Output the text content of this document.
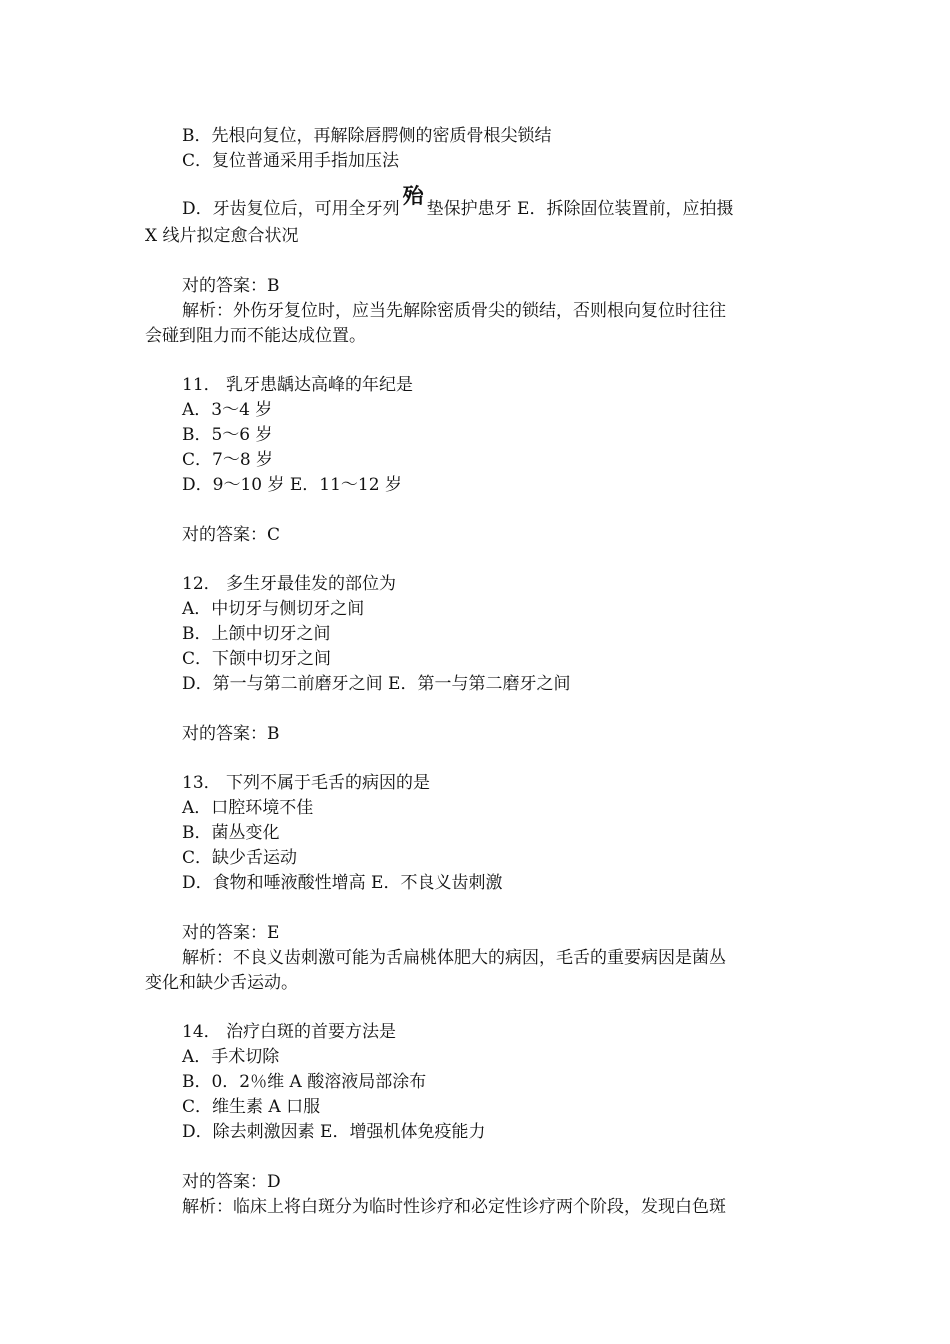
B．先根向复位，再解除唇腭侧的密质骨根尖锁结
C．复位普通采用手指加压法
D．牙齿复位后，可用全牙列殆垫保护患牙 E．拆除固位装置前，应拍摄
X 线片拟定愈合状况
对的答案：B
解析：外伤牙复位时，应当先解除密质骨尖的锁结，否则根向复位时往往
会碰到阻力而不能达成位置。
11． 乳牙患龋达高峰的年纪是
A．3～4 岁
B．5～6 岁
C．7～8 岁
D．9～10 岁 E．11～12 岁
对的答案：C
12． 多生牙最佳发的部位为
A．中切牙与侧切牙之间
B．上颌中切牙之间
C．下颌中切牙之间
D．第一与第二前磨牙之间 E．第一与第二磨牙之间
对的答案：B
13． 下列不属于毛舌的病因的是
A．口腔环境不佳
B．菌丛变化
C．缺少舌运动
D．食物和唾液酸性增高 E．不良义齿刺激
对的答案：E
解析：不良义齿刺激可能为舌扁桃体肥大的病因，毛舌的重要病因是菌丛
变化和缺少舌运动。
14． 治疗白斑的首要方法是
A．手术切除
B．0．2％维 A 酸溶液局部涂布
C．维生素 A 口服
D．除去刺激因素 E．增强机体免疫能力
对的答案：D
解析：临床上将白斑分为临时性诊疗和必定性诊疗两个阶段，发现白色斑
